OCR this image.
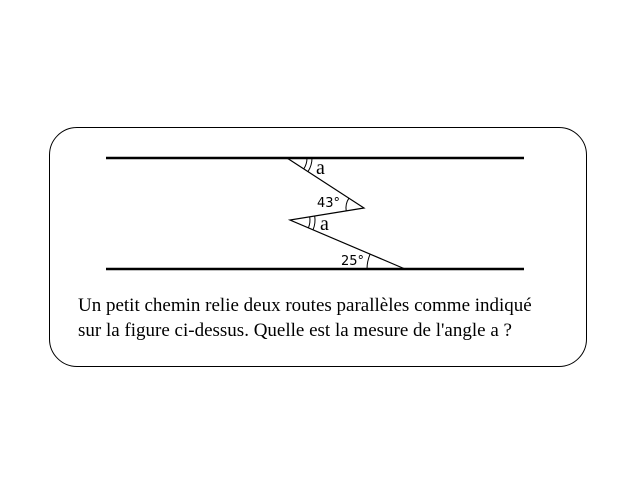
a
43°
a
25°

Un petit chemin relie deux routes parallèles comme indiqué
sur la figure ci-dessus. Quelle est la mesure de l'angle a ?
